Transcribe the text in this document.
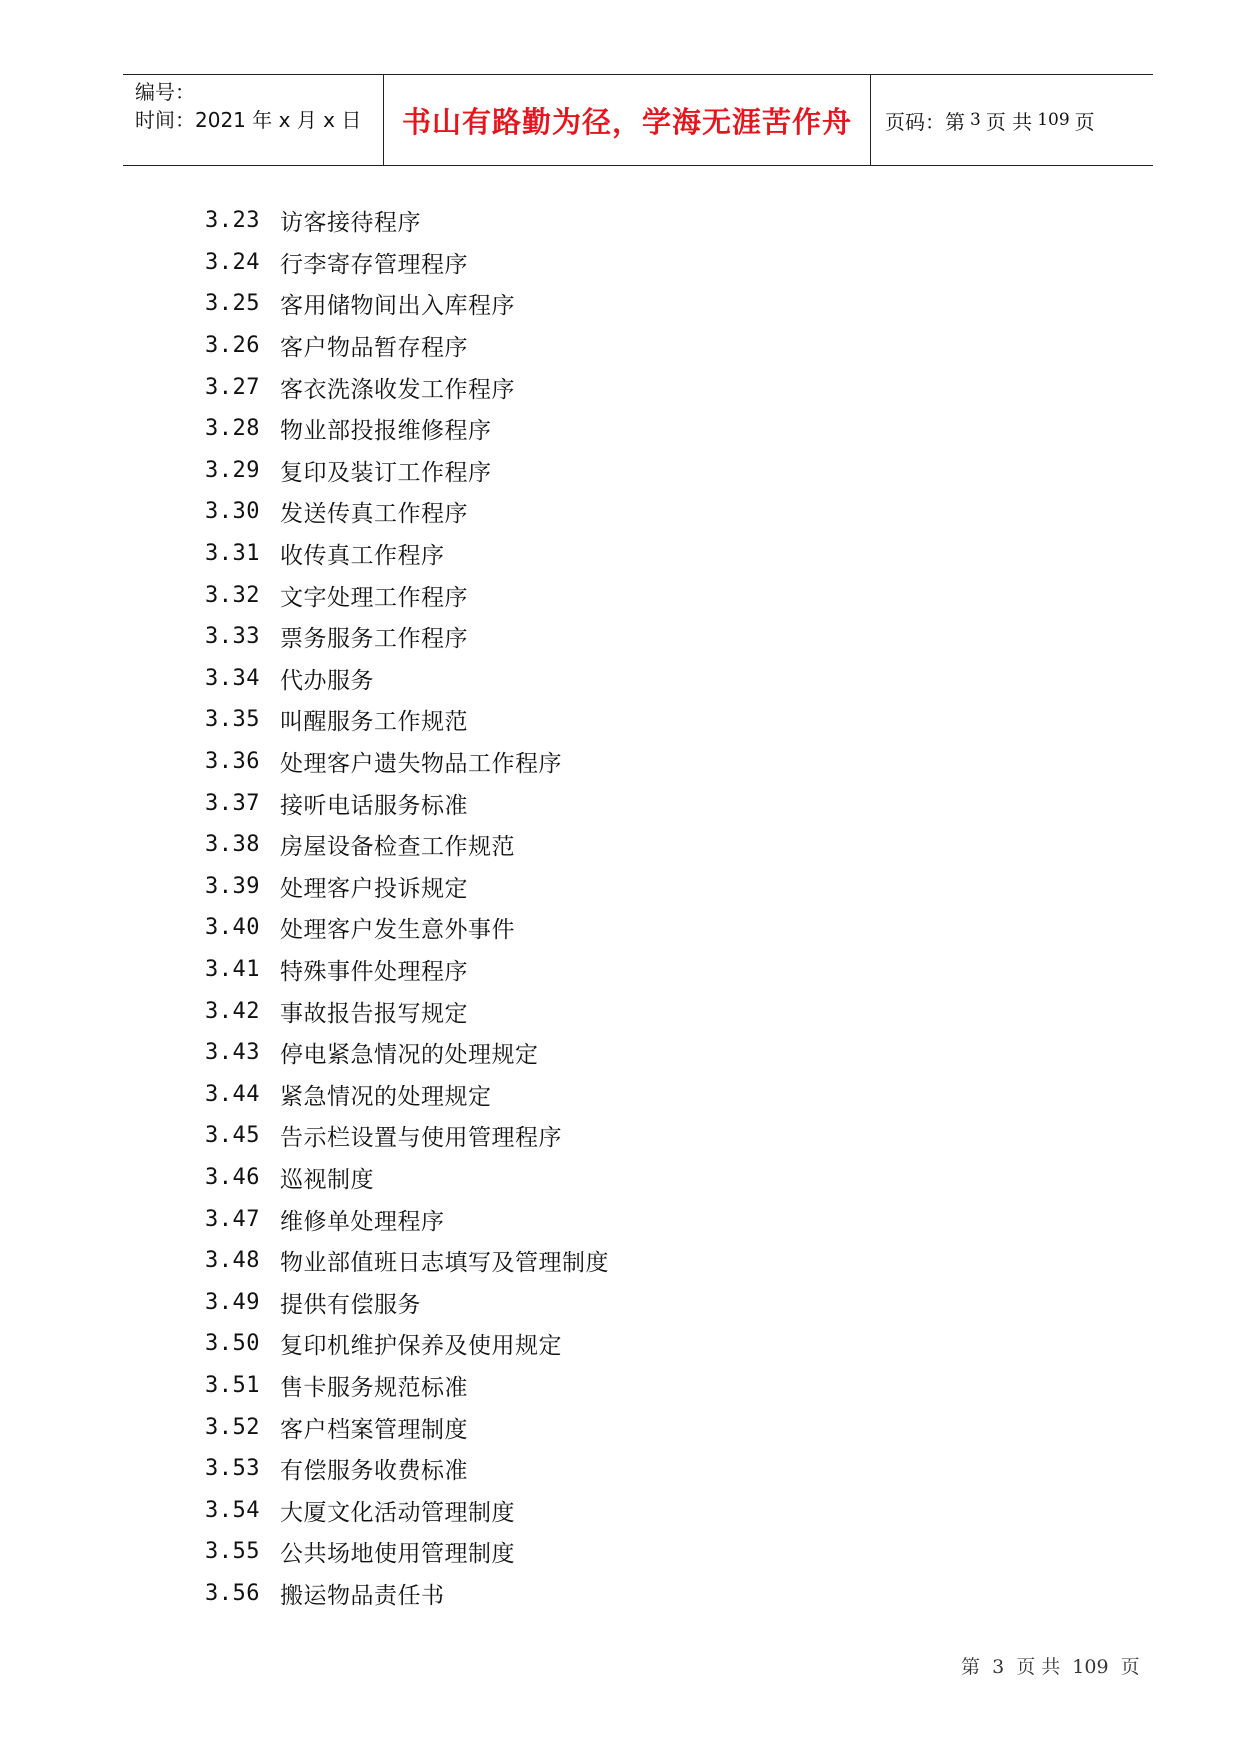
编号：
时间：2021 年 x 月 x 日	书山有路勤为径，学海无涯苦作舟 页码：第 3 页 共 109 页
3.23 访客接待程序
3.24 行李寄存管理程序
3.25 客用储物间出入库程序
3.26 客户物品暂存程序
3.27 客衣洗涤收发工作程序
3.28 物业部投报维修程序
3.29 复印及装订工作程序
3.30 发送传真工作程序
3.31 收传真工作程序
3.32 文字处理工作程序
3.33 票务服务工作程序
3.34 代办服务
3.35 叫醒服务工作规范
3.36 处理客户遗失物品工作程序
3.37 接听电话服务标准
3.38 房屋设备检查工作规范
3.39 处理客户投诉规定
3.40 处理客户发生意外事件
3.41 特殊事件处理程序
3.42 事故报告报写规定
3.43 停电紧急情况的处理规定
3.44 紧急情况的处理规定
3.45 告示栏设置与使用管理程序
3.46 巡视制度
3.47 维修单处理程序
3.48 物业部值班日志填写及管理制度
3.49 提供有偿服务
3.50 复印机维护保养及使用规定
3.51 售卡服务规范标准
3.52 客户档案管理制度
3.53 有偿服务收费标准
3.54 大厦文化活动管理制度
3.55 公共场地使用管理制度
3.56 搬运物品责任书
第 3 页 共 109 页
